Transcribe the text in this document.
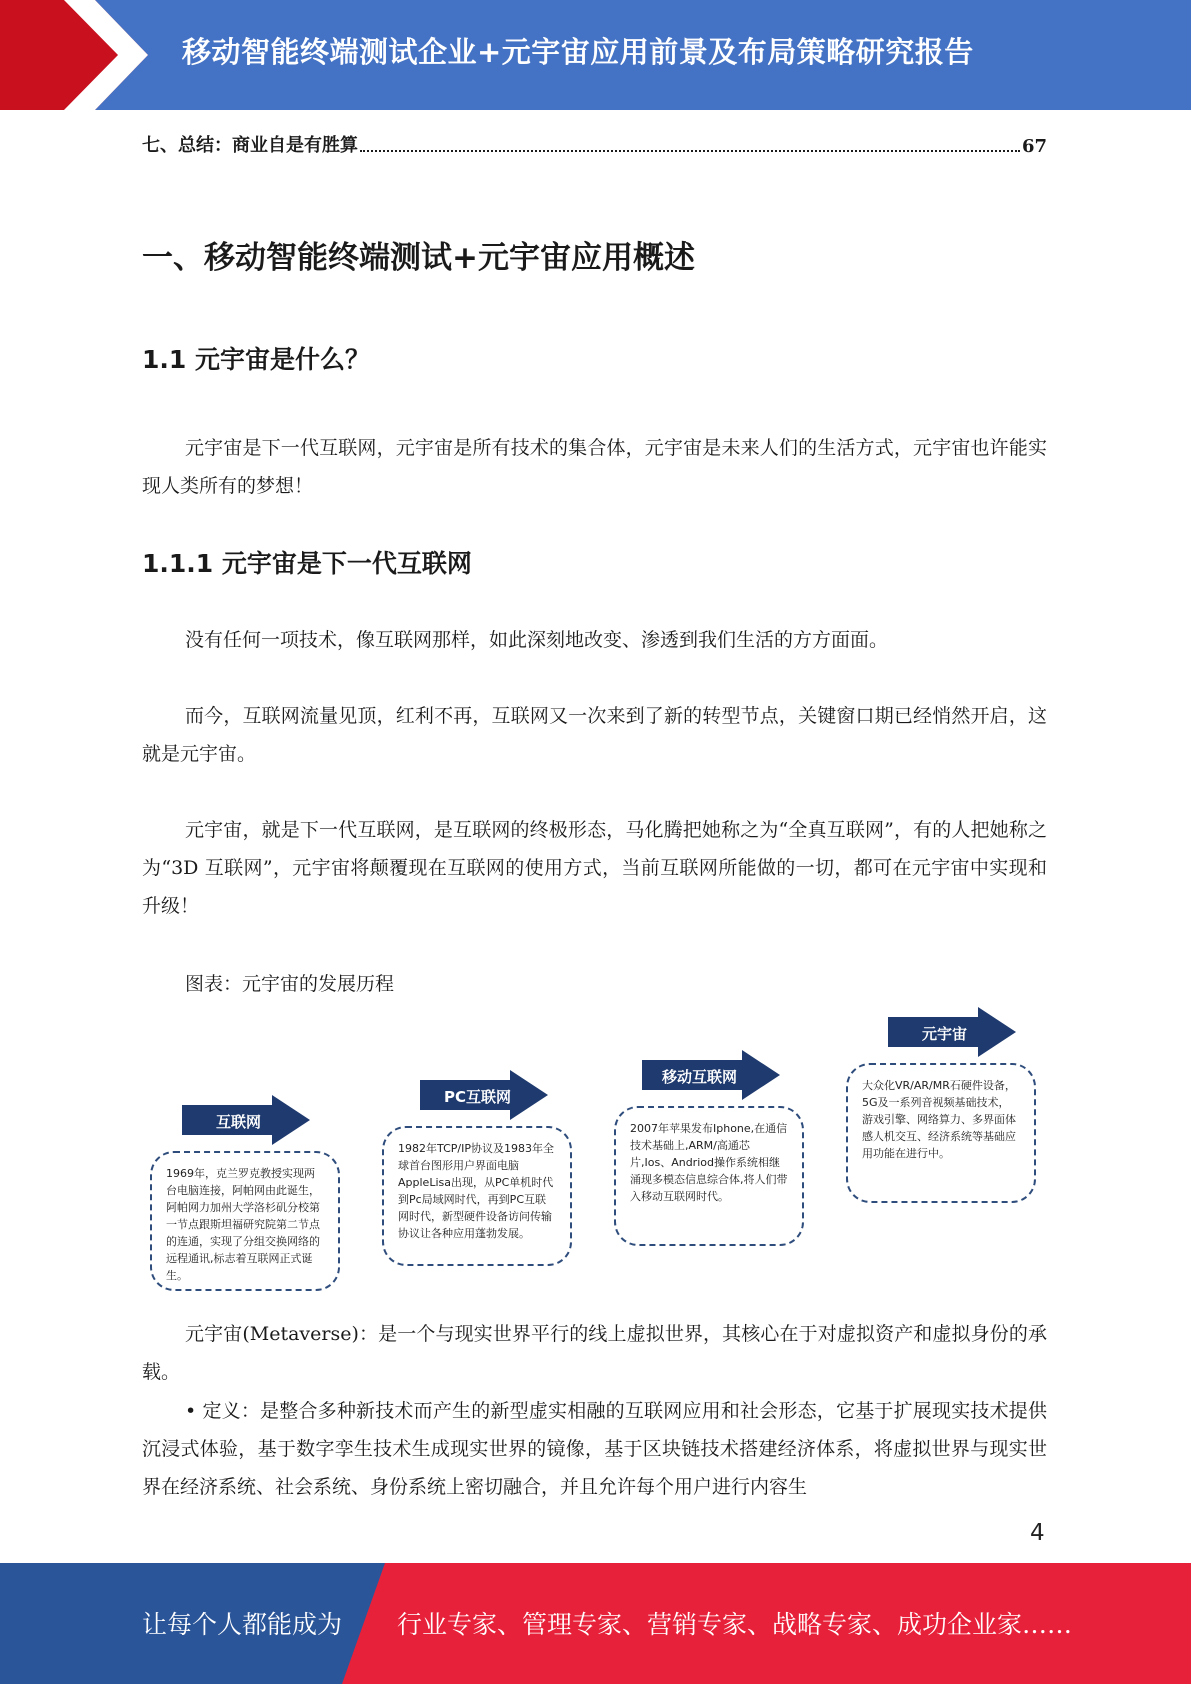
移动智能终端测试企业+元宇宙应用前景及布局策略研究报告
七、总结：商业自是有胜算	67
一、移动智能终端测试+元宇宙应用概述
1.1 元宇宙是什么？
元宇宙是下一代互联网，元宇宙是所有技术的集合体，元宇宙是未来人们的生活方式，元宇宙也许能实现人类所有的梦想！
1.1.1 元宇宙是下一代互联网
没有任何一项技术，像互联网那样，如此深刻地改变、渗透到我们生活的方方面面。
而今，互联网流量见顶，红利不再，互联网又一次来到了新的转型节点，关键窗口期已经悄然开启，这就是元宇宙。
元宇宙，就是下一代互联网，是互联网的终极形态，马化腾把她称之为“全真互联网”，有的人把她称之为“3D 互联网”，元宇宙将颠覆现在互联网的使用方式，当前互联网所能做的一切，都可在元宇宙中实现和升级！
图表：元宇宙的发展历程
互联网
1969年，克兰罗克教授实现两台电脑连接，阿帕网由此诞生，阿帕网力加州大学洛杉矶分校第一节点跟斯坦福研究院第二节点的连通，实现了分组交换网络的远程通讯,标志着互联网正式诞生。
PC互联网
1982年TCP/IP协议及1983年全球首台图形用户界面电脑AppleLisa出现，从PC单机时代到Pc局域网时代，再到PC互联网时代，新型硬件设备访问传输协议让各种应用蓬勃发展。
移动互联网
2007年苹果发布Iphone,在通信技术基础上,ARM/高通芯片,Ios、Andriod操作系统相继涌现多模态信息综合体,将人们带入移动互联网时代。
元宇宙
大众化VR/AR/MR石硬件设备，5G及一系列音视频基础技术，游戏引擎、网络算力、多界面体感人机交互、经济系统等基础应用功能在进行中。
元宇宙(Metaverse)：是一个与现实世界平行的线上虚拟世界，其核心在于对虚拟资产和虚拟身份的承载。
• 定义：是整合多种新技术而产生的新型虚实相融的互联网应用和社会形态，它基于扩展现实技术提供沉浸式体验，基于数字孪生技术生成现实世界的镜像，基于区块链技术搭建经济体系，将虚拟世界与现实世界在经济系统、社会系统、身份系统上密切融合，并且允许每个用户进行内容生
4
让每个人都能成为 行业专家、管理专家、营销专家、战略专家、成功企业家……
